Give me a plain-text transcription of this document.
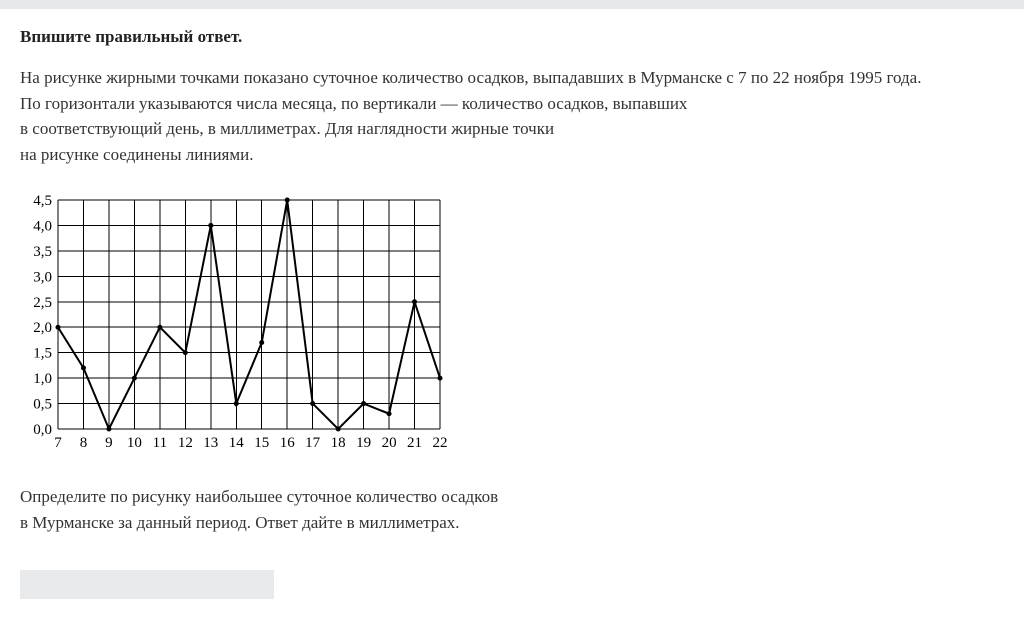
Впишите правильный ответ.
На рисунке жирными точками показано суточное количество осадков, выпадавших в Мурманске с 7 по 22 ноября 1995 года.
По горизонтали указываются числа месяца, по вертикали — количество осадков, выпавших
в соответствующий день, в миллиметрах. Для наглядности жирные точки
на рисунке соединены линиями.
0,0
0,5
1,0
1,5
2,0
2,5
3,0
3,5
4,0
4,5
7 8 9 10 11 12 13 14 15 16 17 18 19 20 21 22
Определите по рисунку наибольшее суточное количество осадков
в Мурманске за данный период. Ответ дайте в миллиметрах.
